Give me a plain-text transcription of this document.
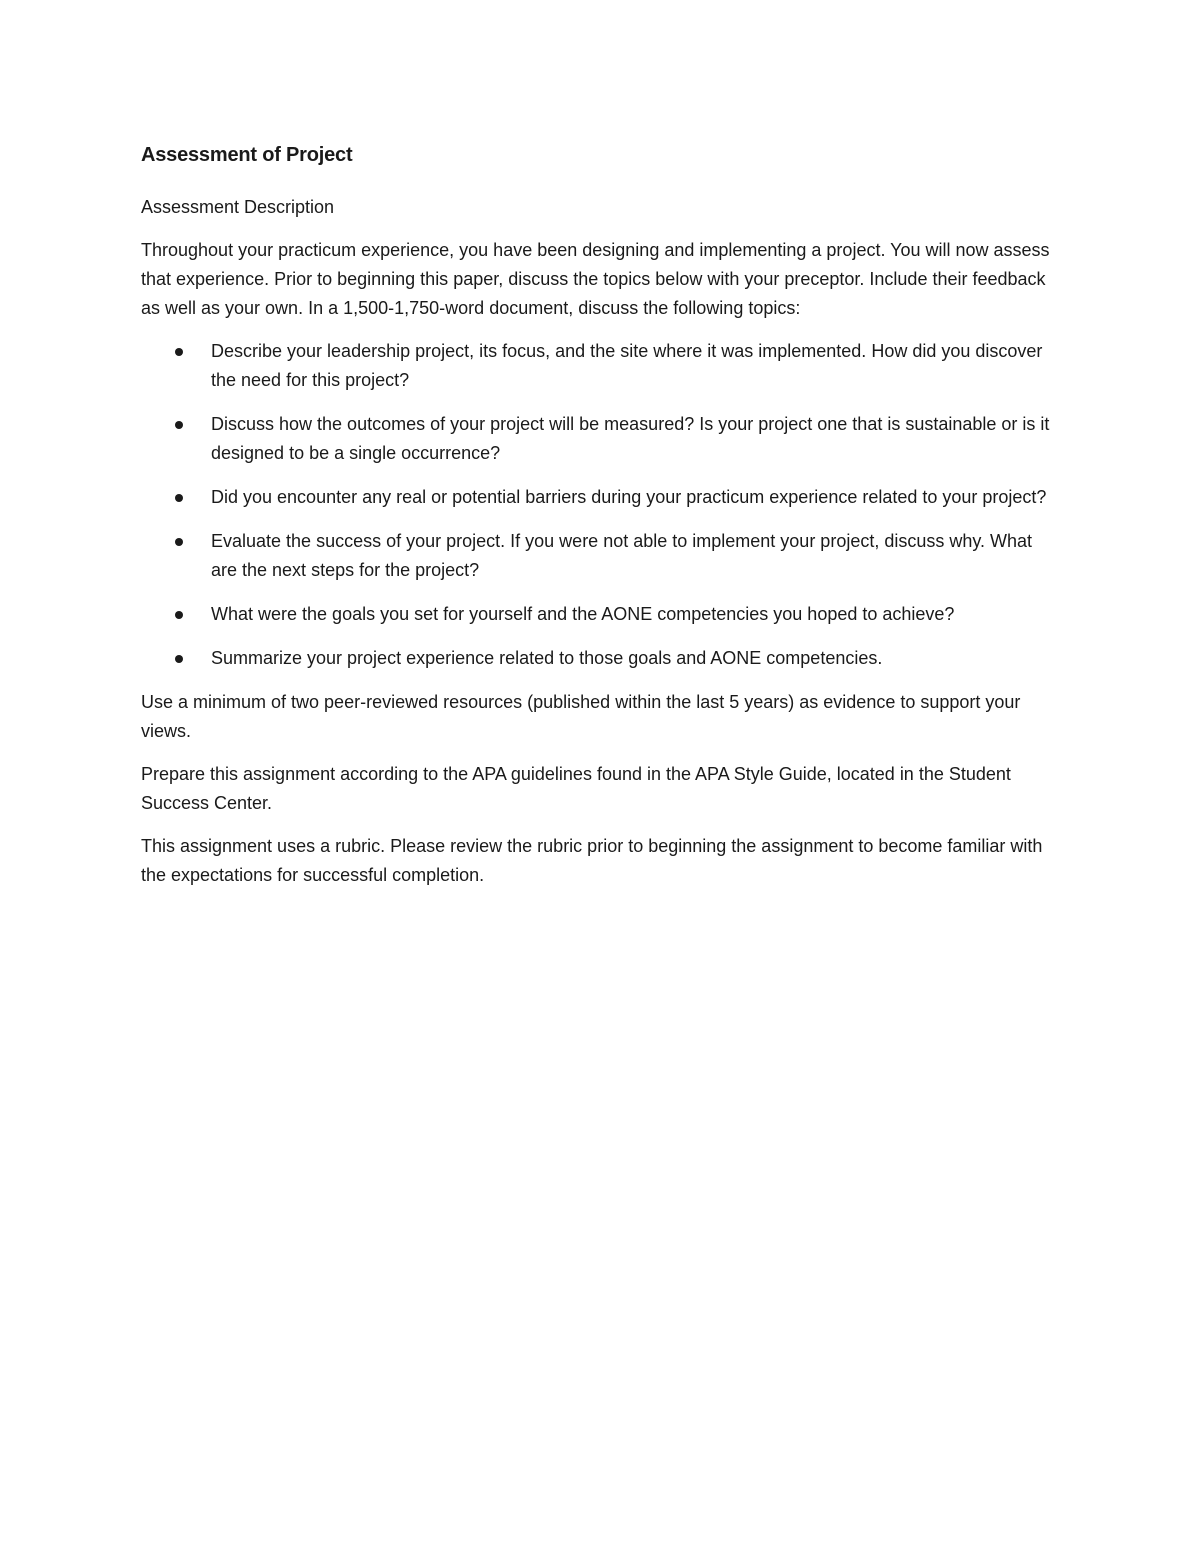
Assessment of Project
Assessment Description

Throughout your practicum experience, you have been designing and implementing a project. You will now assess that experience. Prior to beginning this paper, discuss the topics below with your preceptor. Include their feedback as well as your own. In a 1,500-1,750-word document, discuss the following topics:

Describe your leadership project, its focus, and the site where it was implemented. How did you discover the need for this project?
Discuss how the outcomes of your project will be measured? Is your project one that is sustainable or is it designed to be a single occurrence?
Did you encounter any real or potential barriers during your practicum experience related to your project?
Evaluate the success of your project. If you were not able to implement your project, discuss why. What are the next steps for the project?
What were the goals you set for yourself and the AONE competencies you hoped to achieve?
Summarize your project experience related to those goals and AONE competencies.

Use a minimum of two peer-reviewed resources (published within the last 5 years) as evidence to support your views.

Prepare this assignment according to the APA guidelines found in the APA Style Guide, located in the Student Success Center.

This assignment uses a rubric. Please review the rubric prior to beginning the assignment to become familiar with the expectations for successful completion.
